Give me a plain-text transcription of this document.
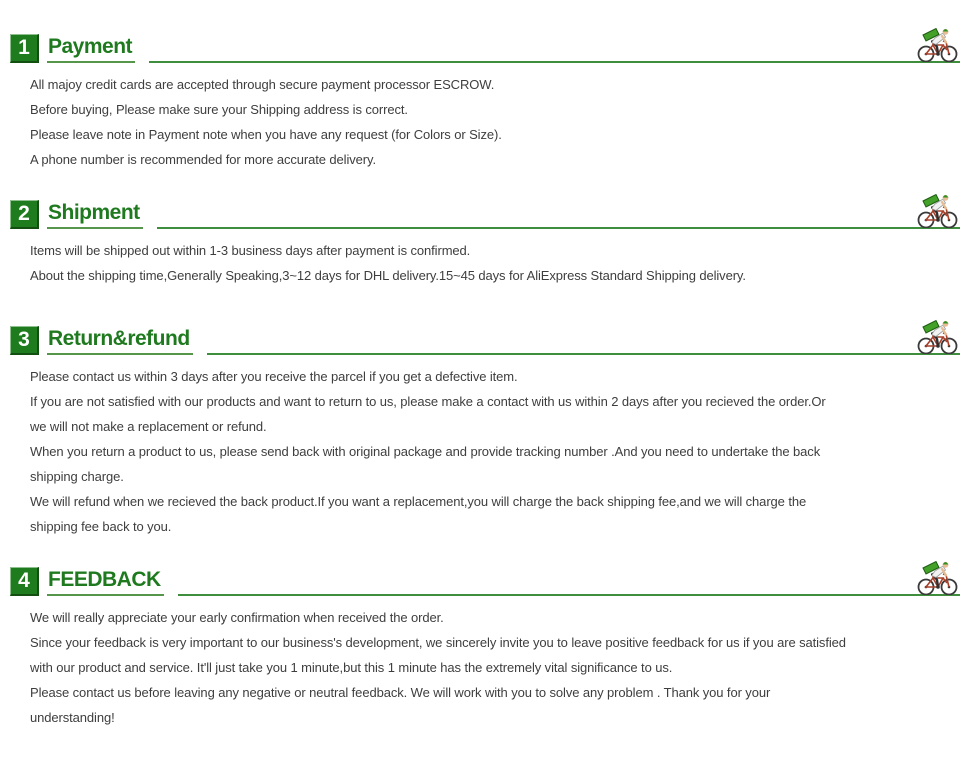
1 Payment
All majoy credit cards are accepted through secure payment processor ESCROW.
Before buying, Please make sure your Shipping address is correct.
Please leave note in Payment note when you have any request (for Colors or Size).
A phone number is recommended for more accurate delivery.
2 Shipment
Items will be shipped out within 1-3 business days after payment is confirmed.
About the shipping time,Generally Speaking,3~12 days for DHL delivery.15~45 days for AliExpress Standard Shipping delivery.
3 Return&refund
Please contact us within 3 days after you receive the parcel if you get a defective item.
If you are not satisfied with our products and want to return to us, please make a contact with us within 2 days after you recieved the order.Or
we will not make a replacement or refund.
When you return a product to us, please send back with original package and provide tracking number .And you need to undertake the back
shipping charge.
We will refund when we recieved the back product.If you want a replacement,you will charge the back shipping fee,and we will charge the
shipping fee back to you.
4 FEEDBACK
We will really appreciate your early confirmation when received the order.
Since your feedback is very important to our business's development, we sincerely invite you to leave positive feedback for us if you are satisfied
with our product and service. It'll just take you 1 minute,but this 1 minute has the extremely vital significance to us.
Please contact us before leaving any negative or neutral feedback. We will work with you to solve any problem . Thank you for your
understanding!
